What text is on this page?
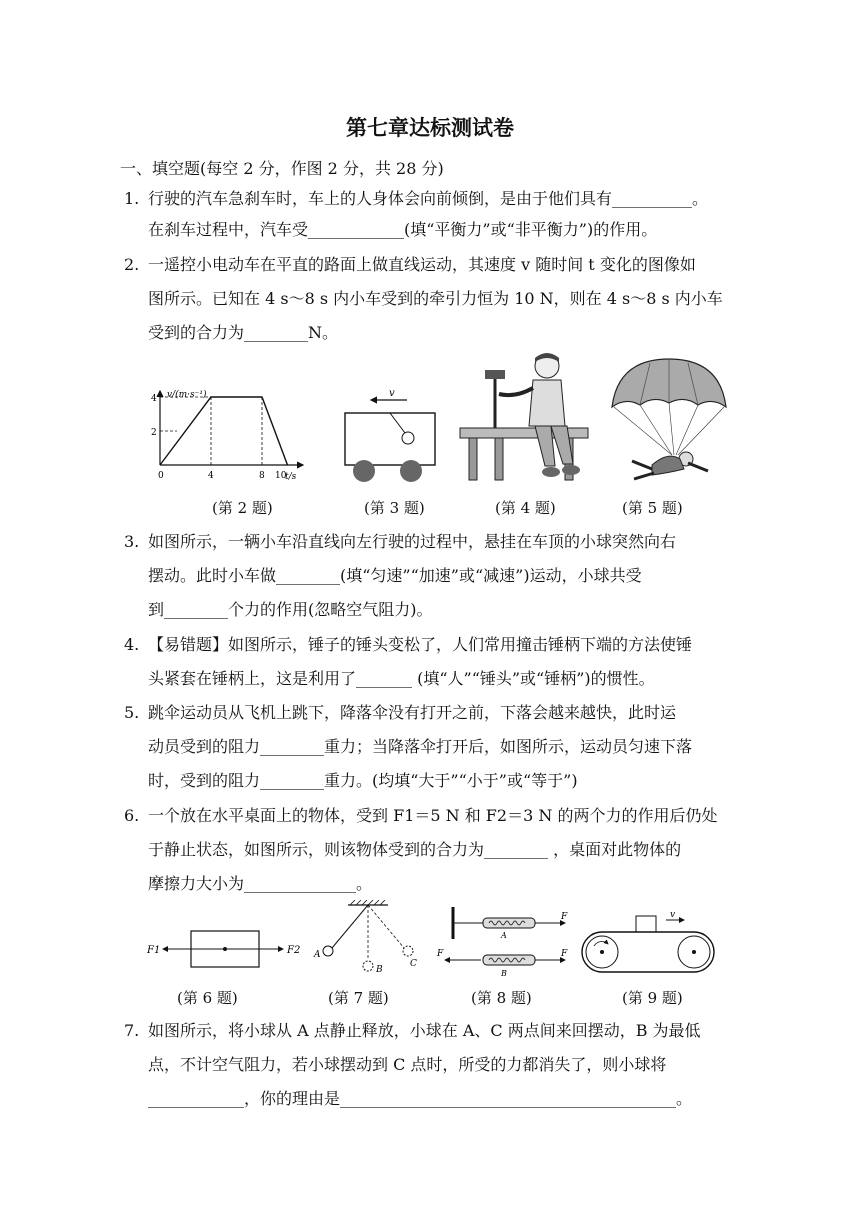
第七章达标测试卷
一、填空题(每空 2 分，作图 2 分，共 28 分)
1. 行驶的汽车急刹车时，车上的人身体会向前倾倒，是由于他们具有__________。
在刹车过程中，汽车受____________(填“平衡力”或“非平衡力”)的作用。
2. 一遥控小电动车在平直的路面上做直线运动，其速度 v 随时间 t 变化的图像如
图所示。已知在 4 s～8 s 内小车受到的牵引力恒为 10 N，则在 4 s～8 s 内小车
受到的合力为________N。
v/(m·s⁻¹)
t/s
4
2
0	4	8 10
v
(第 2 题)	(第 3 题)	(第 4 题)	(第 5 题)
3. 如图所示，一辆小车沿直线向左行驶的过程中，悬挂在车顶的小球突然向右
摆动。此时小车做________(填“匀速”“加速”或“减速”)运动，小球共受
到________个力的作用(忽略空气阻力)。
4. 【易错题】如图所示，锤子的锤头变松了，人们常用撞击锤柄下端的方法使锤
头紧套在锤柄上，这是利用了_______ (填“人”“锤头”或“锤柄”)的惯性。
5. 跳伞运动员从飞机上跳下，降落伞没有打开之前，下落会越来越快，此时运
动员受到的阻力________重力；当降落伞打开后，如图所示，运动员匀速下落
时，受到的阻力________重力。(均填“大于”“小于”或“等于”)
6. 一个放在水平桌面上的物体，受到 F1＝5 N 和 F2＝3 N 的两个力的作用后仍处
于静止状态，如图所示，则该物体受到的合力为________ ，桌面对此物体的
摩擦力大小为______________。
F1	F2 A
B
C
F
A
F	F
B
v
(第 6 题)	(第 7 题)	(第 8 题)	(第 9 题)
7. 如图所示，将小球从 A 点静止释放，小球在 A、C 两点间来回摆动，B 为最低
点，不计空气阻力，若小球摆动到 C 点时，所受的力都消失了，则小球将
____________，你的理由是__________________________________________。
